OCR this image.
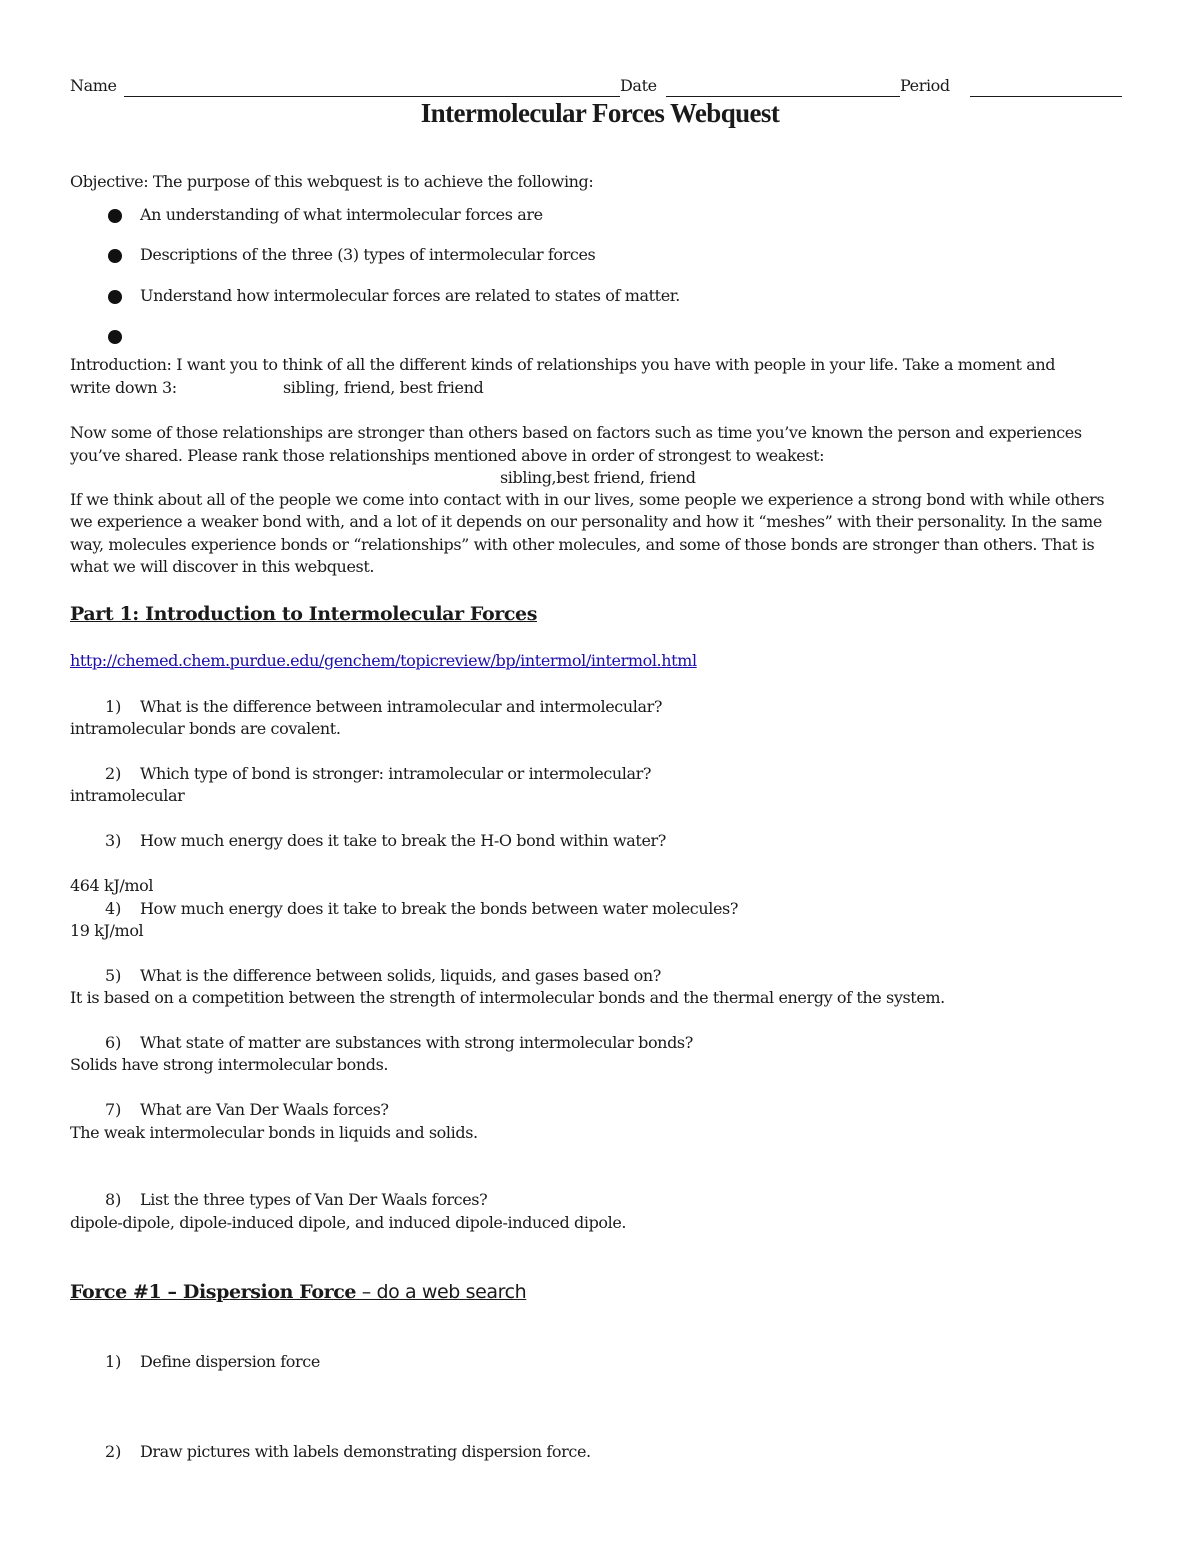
Name	Date	Period
Intermolecular Forces Webquest
Objective: The purpose of this webquest is to achieve the following:
An understanding of what intermolecular forces are
Descriptions of the three (3) types of intermolecular forces
Understand how intermolecular forces are related to states of matter.
Introduction: I want you to think of all the different kinds of relationships you have with people in your life. Take a moment and
write down 3:	sibling, friend, best friend
Now some of those relationships are stronger than others based on factors such as time you’ve known the person and experiences
you’ve shared. Please rank those relationships mentioned above in order of strongest to weakest:
sibling,best friend, friend
If we think about all of the people we come into contact with in our lives, some people we experience a strong bond with while others
we experience a weaker bond with, and a lot of it depends on our personality and how it “meshes” with their personality. In the same
way, molecules experience bonds or “relationships” with other molecules, and some of those bonds are stronger than others. That is
what we will discover in this webquest.
Part 1: Introduction to Intermolecular Forces
http://chemed.chem.purdue.edu/genchem/topicreview/bp/intermol/intermol.html
1) What is the difference between intramolecular and intermolecular?
intramolecular bonds are covalent.
2) Which type of bond is stronger: intramolecular or intermolecular?
intramolecular
3) How much energy does it take to break the H-O bond within water?
464 kJ/mol
4) How much energy does it take to break the bonds between water molecules?
19 kJ/mol
5) What is the difference between solids, liquids, and gases based on?
It is based on a competition between the strength of intermolecular bonds and the thermal energy of the system.
6) What state of matter are substances with strong intermolecular bonds?
Solids have strong intermolecular bonds.
7) What are Van Der Waals forces?
The weak intermolecular bonds in liquids and solids.
8) List the three types of Van Der Waals forces?
dipole-dipole, dipole-induced dipole, and induced dipole-induced dipole.
Force #1 – Dispersion Force – do a web search
1) Define dispersion force
2) Draw pictures with labels demonstrating dispersion force.
